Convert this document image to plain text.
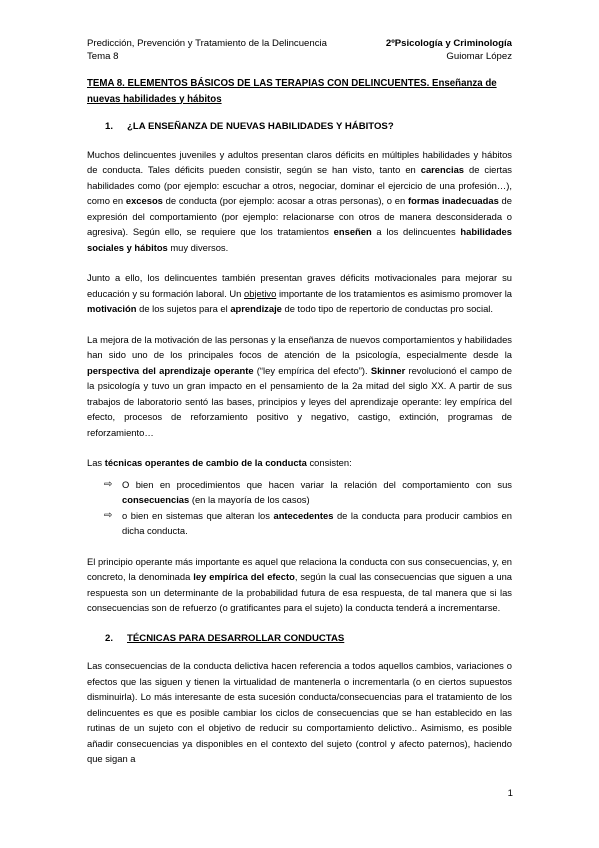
Predicción, Prevención y Tratamiento de la Delincuencia
Tema 8
2ºPsicología y Criminología
Guiomar López
TEMA 8. ELEMENTOS BÁSICOS DE LAS TERAPIAS CON DELINCUENTES. Enseñanza de nuevas habilidades y hábitos
1.	¿LA ENSEÑANZA DE NUEVAS HABILIDADES Y HÁBITOS?

Muchos delincuentes juveniles y adultos presentan claros déficits en múltiples habilidades y hábitos de conducta. Tales déficits pueden consistir, según se han visto, tanto en carencias de ciertas habilidades como (por ejemplo: escuchar a otros, negociar, dominar el ejercicio de una profesión…), como en excesos de conducta (por ejemplo: acosar a otras personas), o en formas inadecuadas de expresión del comportamiento (por ejemplo: relacionarse con otros de manera desconsiderada o agresiva). Según ello, se requiere que los tratamientos enseñen a los delincuentes habilidades sociales y hábitos muy diversos.

Junto a ello, los delincuentes también presentan graves déficits motivacionales para mejorar su educación y su formación laboral. Un objetivo importante de los tratamientos es asimismo promover la motivación de los sujetos para el aprendizaje de todo tipo de repertorio de conductas pro social.

La mejora de la motivación de las personas y la enseñanza de nuevos comportamientos y habilidades han sido uno de los principales focos de atención de la psicología, especialmente desde la perspectiva del aprendizaje operante (“ley empírica del efecto”). Skinner revolucionó el campo de la psicología y tuvo un gran impacto en el pensamiento de la 2a mitad del siglo XX. A partir de sus trabajos de laboratorio sentó las bases, principios y leyes del aprendizaje operante: ley empírica del efecto, procesos de reforzamiento positivo y negativo, castigo, extinción, programas de reforzamiento…

Las técnicas operantes de cambio de la conducta consisten:

⇨	O bien en procedimientos que hacen variar la relación del comportamiento con sus consecuencias (en la mayoría de los casos)
⇨	o bien en sistemas que alteran los antecedentes de la conducta para producir cambios en dicha conducta.

El principio operante más importante es aquel que relaciona la conducta con sus consecuencias, y, en concreto, la denominada ley empírica del efecto, según la cual las consecuencias que siguen a una respuesta son un determinante de la probabilidad futura de esa respuesta, de tal manera que si las consecuencias son de refuerzo (o gratificantes para el sujeto) la conducta tenderá a incrementarse.

2.	TÉCNICAS PARA DESARROLLAR CONDUCTAS

Las consecuencias de la conducta delictiva hacen referencia a todos aquellos cambios, variaciones o efectos que las siguen y tienen la virtualidad de mantenerla o incrementarla (o en ciertos supuestos disminuirla). Lo más interesante de esta sucesión conducta/consecuencias para el tratamiento de los delincuentes es que es posible cambiar los ciclos de consecuencias que se han establecido en las rutinas de un sujeto con el objetivo de reducir su comportamiento delictivo.. Asimismo, es posible añadir consecuencias ya disponibles en el contexto del sujeto (control y afecto paternos), haciendo que sigan a

1
